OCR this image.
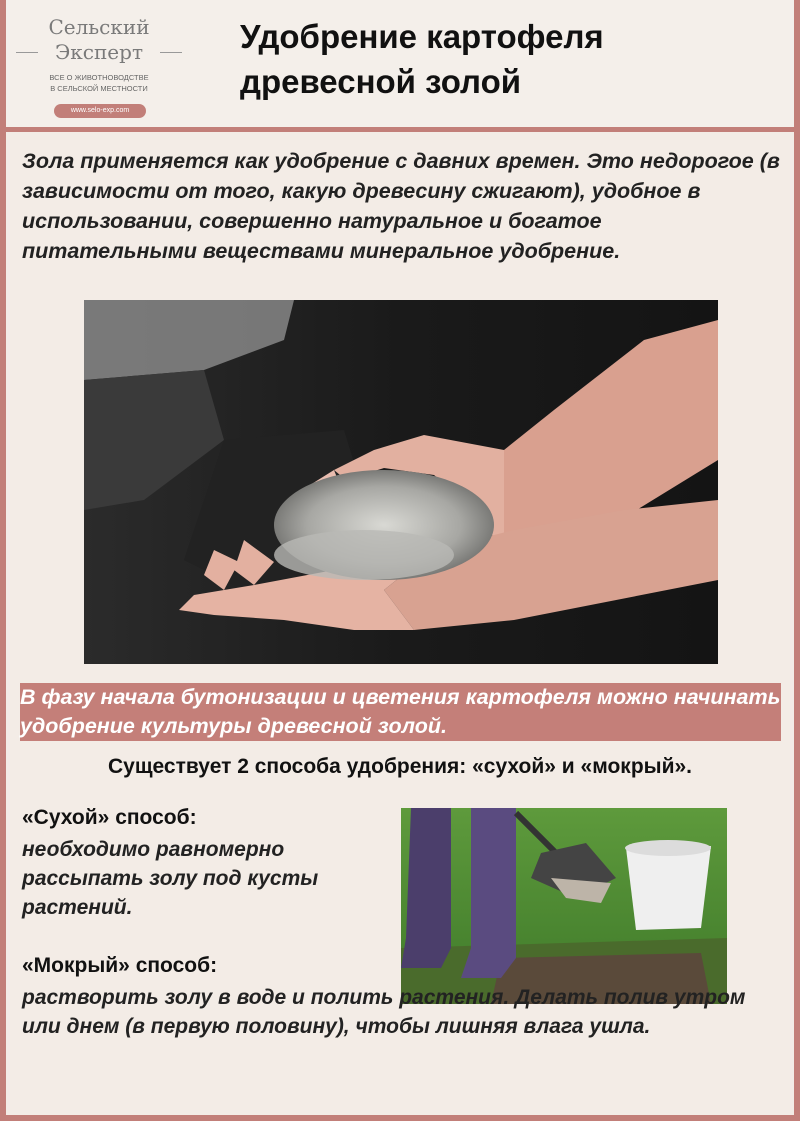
Сельский
Эксперт
ВСЕ О ЖИВОТНОВОДСТВЕ
В СЕЛЬСКОЙ МЕСТНОСТИ
www.selo-exp.com
Удобрение картофеля
древесной золой
Зола применяется как удобрение с давних времен. Это недорогое (в зависимости от того, какую древесину сжигают), удобное в использовании, совершенно натуральное и богатое питательными веществами минеральное удобрение.
В фазу начала бутонизации и цветения картофеля можно начинать удобрение культуры древесной золой.
Существует 2 способа удобрения: «сухой» и «мокрый».
«Сухой» способ:
необходимо равномерно рассыпать золу под кусты растений.
«Мокрый» способ:
растворить золу в воде и полить растения. Делать полив утром или днем (в первую половину), чтобы лишняя влага ушла.
